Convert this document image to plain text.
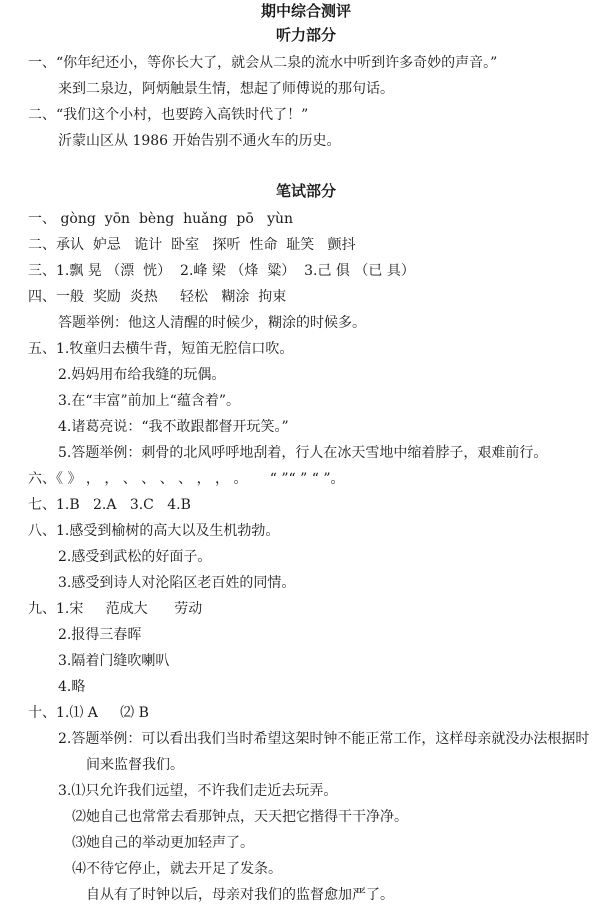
期中综合测评
听力部分
一、“你年纪还小，等你长大了，就会从二泉的流水中听到许多奇妙的声音。”
来到二泉边，阿炳触景生情，想起了师傅说的那句话。
二、“我们这个小村，也要跨入高铁时代了！”
沂蒙山区从 1986 开始告别不通火车的历史。
笔试部分
一、 gòng  yōn  bèng  huǎng  pō   yùn
二、承认  妒忌   诡计  卧室   探听  性命  耻笑   颤抖
三、1.飘 晃 （漂  恍）  2.峰 梁 （烽  粱）  3.己 俱 （已 具）
四、一般  奖励  炎热     轻松   糊涂  拘束
答题举例：他这人清醒的时候少，糊涂的时候多。
五、1.牧童归去横牛背，短笛无腔信口吹。
2.妈妈用布给我缝的玩偶。
3.在“丰富”前加上“蕴含着”。
4.诸葛亮说：“我不敢跟都督开玩笑。”
5.答题举例：刺骨的北风呼呼地刮着，行人在冰天雪地中缩着脖子，艰难前行。
六、《 》 ， ， 、 、 、 、 ， ， 。     “ ”“ ” “ ”。
七、1.B   2.A   3.C   4.B
八、1.感受到榆树的高大以及生机勃勃。
2.感受到武松的好面子。
3.感受到诗人对沦陷区老百姓的同情。
九、1.宋     范成大      劳动
2.报得三春晖
3.隔着门缝吹喇叭
4.略
十、1.⑴ A     ⑵ B
2.答题举例：可以看出我们当时希望这架时钟不能正常工作，这样母亲就没办法根据时
间来监督我们。
3.⑴只允许我们远望，不许我们走近去玩弄。
⑵她自己也常常去看那钟点，天天把它揩得干干净净。
⑶她自己的举动更加轻声了。
⑷不待它停止，就去开足了发条。
自从有了时钟以后，母亲对我们的监督愈加严了。
